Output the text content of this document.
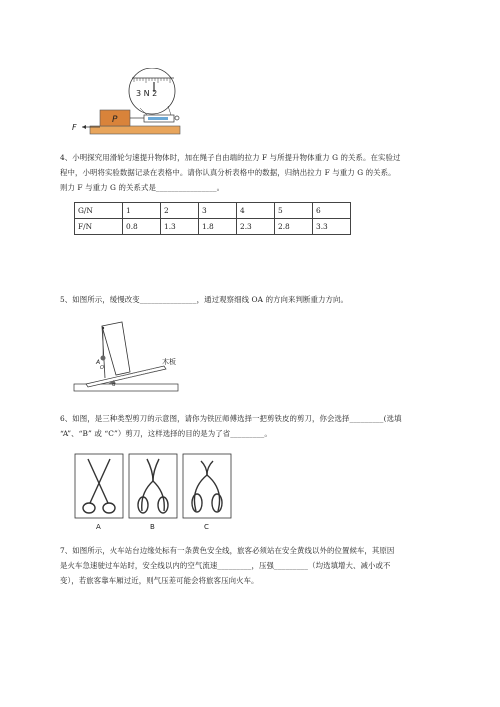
3 N 2
P
F
4、小明探究用滑轮匀速提升物体时，加在绳子自由端的拉力 F 与所提升物体重力 G 的关系。在实验过
程中，小明将实验数据记录在表格中。请你认真分析表格中的数据，归纳出拉力 F 与重力 G 的关系。
则力 F 与重力 G 的关系式是________________。
G/N	1	2	3	4	5	6
F/N	0.8	1.3	1.8	2.3	2.8	3.3
5、如图所示，缓慢改变_______________，通过观察细线 OA 的方向来判断重力方向。
α
A
O
木板
6、如图，是三种类型剪刀的示意图，请你为铁匠师傅选择一把剪铁皮的剪刀，你会选择_________(选填
“A”、“B” 或 “C”）剪刀，这样选择的目的是为了省_________。
A	B	C
7、如图所示，火车站台边缘处标有一条黄色安全线，旅客必须站在安全黄线以外的位置候车，其原因
是火车急速驶过车站时，安全线以内的空气流速_________，压强_________（均选填增大、减小或不
变），若旅客靠车厢过近，则气压差可能会将旅客压向火车。
